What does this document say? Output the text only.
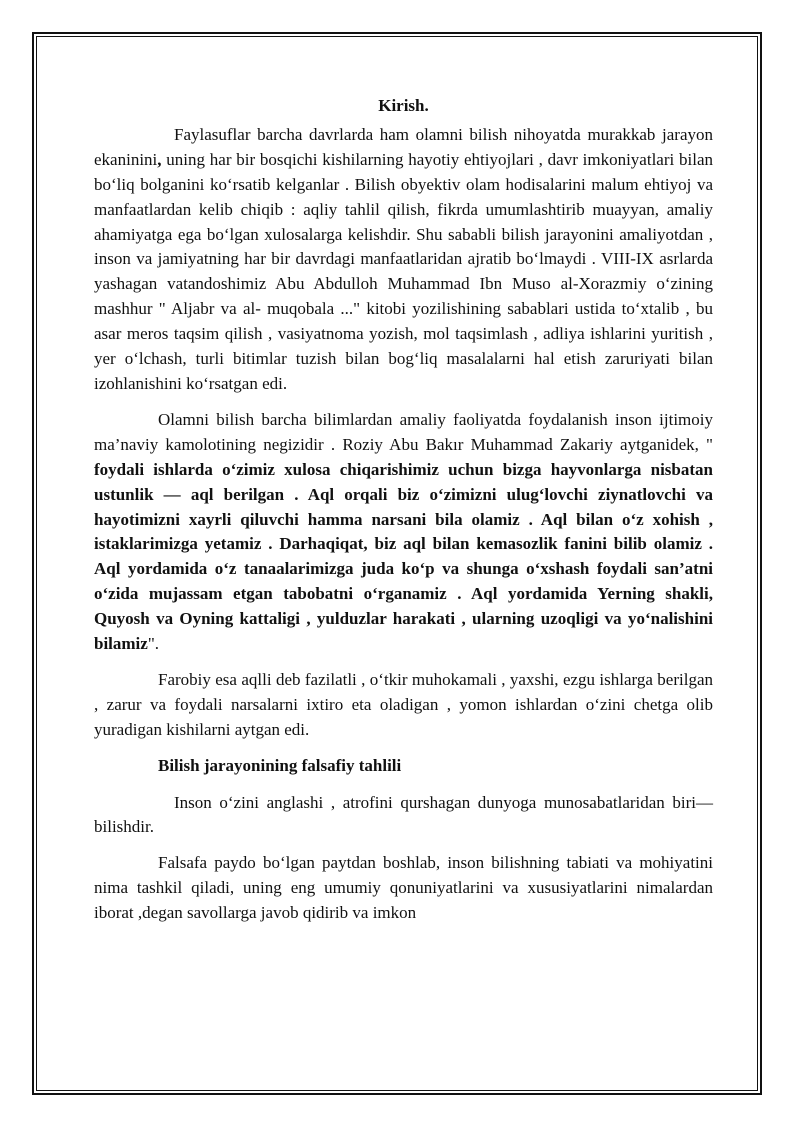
Kirish.

Faylasuflar barcha davrlarda ham olamni bilish nihoyatda murakkab jarayon ekaninini, uning har bir bosqichi kishilarning hayotiy ehtiyojlari , davr imkoniyatlari bilan bo‘liq bolganini ko‘rsatib kelganlar . Bilish obyektiv olam hodisalarini malum ehtiyoj va manfaatlardan kelib chiqib : aqliy tahlil qilish, fikrda umumlashtirib muayyan, amaliy ahamiyatga ega bo‘lgan xulosalarga kelishdir. Shu sababli bilish jarayonini amaliyotdan , inson va jamiyatning har bir davrdagi manfaatlaridan ajratib bo‘lmaydi . VIII-IX asrlarda yashagan vatandoshimiz Abu Abdulloh Muhammad Ibn Muso al-Xorazmiy o‘zining mashhur " Aljabr va al- muqobala ..." kitobi yozilishining sabablari ustida to‘xtalib , bu asar meros taqsim qilish , vasiyatnoma yozish, mol taqsimlash , adliya ishlarini yuritish , yer o‘lchash, turli bitimlar tuzish bilan bog‘liq masalalarni hal etish zaruriyati bilan izohlanishini ko‘rsatgan edi.

Olamni bilish barcha bilimlardan amaliy faoliyatda foydalanish inson ijtimoiy ma’naviy kamolotining negizidir . Roziy Abu Bakır Muhammad Zakariy aytganidek, " foydali ishlarda o‘zimiz xulosa chiqarishimiz uchun bizga hayvonlarga nisbatan ustunlik — aql berilgan . Aql orqali biz o‘zimizni ulug‘lovchi ziynatlovchi va hayotimizni xayrli qiluvchi hamma narsani bila olamiz . Aql bilan o‘z xohish , istaklarimizga yetamiz . Darhaqiqat, biz aql bilan kemasozlik fanini bilib olamiz . Aql yordamida o‘z tanaalarimizga juda ko‘p va shunga o‘xshash foydali san’atni o‘zida mujassam etgan tabobatni o‘rganamiz . Aql yordamida Yerning shakli, Quyosh va Oyning kattaligi , yulduzlar harakati , ularning uzoqligi va yo‘nalishini bilamiz".

Farobiy esa aqlli deb fazilatli , o‘tkir muhokamali , yaxshi, ezgu ishlarga berilgan , zarur va foydali narsalarni ixtiro eta oladigan , yomon ishlardan o‘zini chetga olib yuradigan kishilarni aytgan edi.

Bilish jarayonining falsafiy tahlili

Inson o‘zini anglashi , atrofini qurshagan dunyoga munosabatlaridan biri—bilishdir.

Falsafa paydo bo‘lgan paytdan boshlab, inson bilishning tabiati va mohiyatini nima tashkil qiladi, uning eng umumiy qonuniyatlarini va xususiyatlarini nimalardan iborat ,degan savollarga javob qidirib va imkon
